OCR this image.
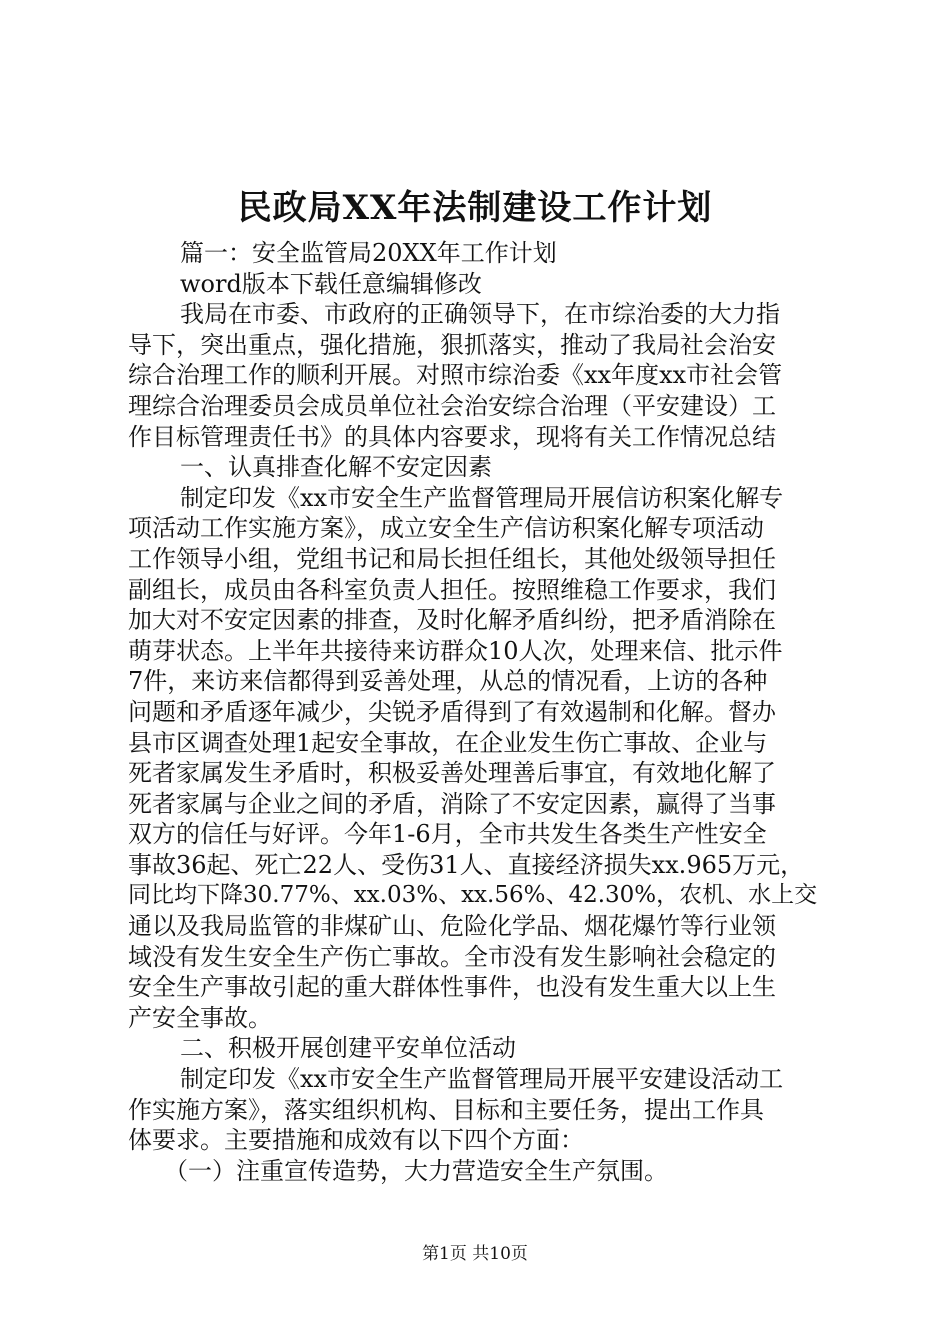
民政局XX年法制建设工作计划
篇一：安全监管局20XX年工作计划
word版本下载任意编辑修改
我局在市委、市政府的正确领导下，在市综治委的大力指
导下，突出重点，强化措施，狠抓落实，推动了我局社会治安
综合治理工作的顺利开展。对照市综治委《xx年度xx市社会管
理综合治理委员会成员单位社会治安综合治理（平安建设）工
作目标管理责任书》的具体内容要求，现将有关工作情况总结
一、认真排查化解不安定因素
制定印发《xx市安全生产监督管理局开展信访积案化解专
项活动工作实施方案》，成立安全生产信访积案化解专项活动
工作领导小组，党组书记和局长担任组长，其他处级领导担任
副组长，成员由各科室负责人担任。按照维稳工作要求，我们
加大对不安定因素的排查，及时化解矛盾纠纷，把矛盾消除在
萌芽状态。上半年共接待来访群众10人次，处理来信、批示件
7件，来访来信都得到妥善处理，从总的情况看，上访的各种
问题和矛盾逐年减少，尖锐矛盾得到了有效遏制和化解。督办
县市区调查处理1起安全事故，在企业发生伤亡事故、企业与
死者家属发生矛盾时，积极妥善处理善后事宜，有效地化解了
死者家属与企业之间的矛盾，消除了不安定因素，赢得了当事
双方的信任与好评。今年1-6月，全市共发生各类生产性安全
事故36起、死亡22人、受伤31人、直接经济损失xx.965万元，
同比均下降30.77%、xx.03%、xx.56%、42.30%，农机、水上交
通以及我局监管的非煤矿山、危险化学品、烟花爆竹等行业领
域没有发生安全生产伤亡事故。全市没有发生影响社会稳定的
安全生产事故引起的重大群体性事件，也没有发生重大以上生
产安全事故。
二、积极开展创建平安单位活动
制定印发《xx市安全生产监督管理局开展平安建设活动工
作实施方案》，落实组织机构、目标和主要任务，提出工作具
体要求。主要措施和成效有以下四个方面：
（一）注重宣传造势，大力营造安全生产氛围。
第1页 共10页
